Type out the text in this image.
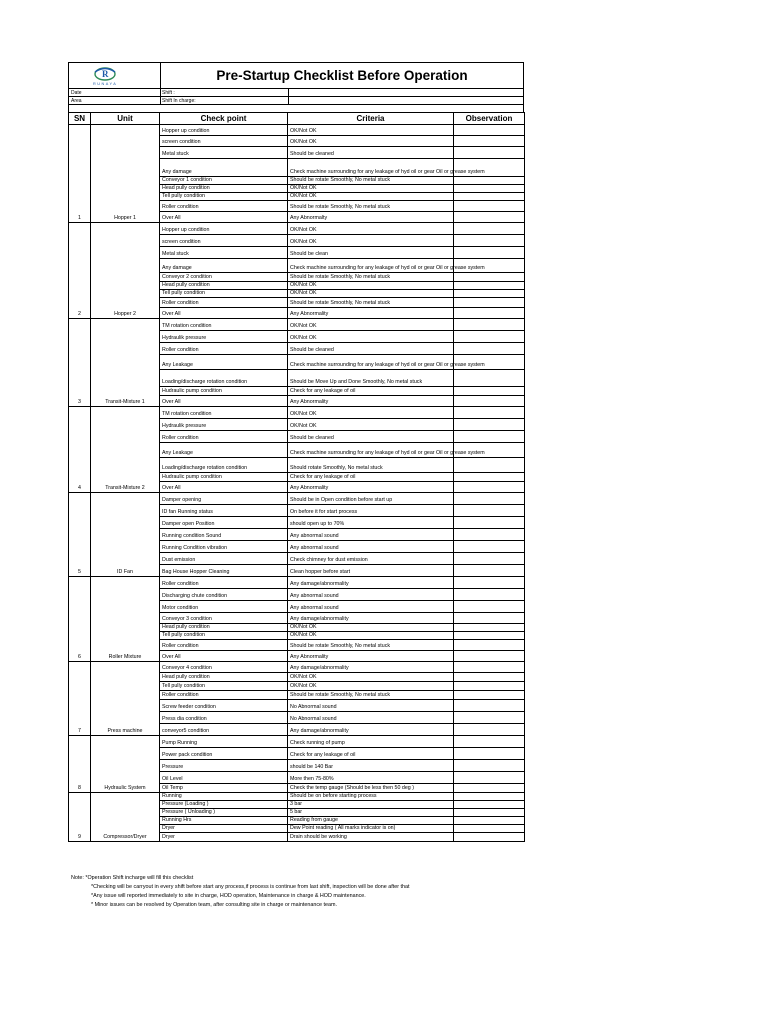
R
RUNAYA
Pre-Startup Checklist Before Operation
Date	Shift :
Area	Shift In charge:
SN	Unit	Check point	Criteria	Observation
1	Hopper 1	Hopper up condition	OK/Not OK	
		screen condition	OK/Not OK	
		Metal stuck	Should be cleaned	
		Any damage	Check machine surrounding for any leakage of hyd oil or gear Oil or grease system	
		Conveyor 1 condition	Should be rotate Smoothly, No metal stuck	
		Head pully condition	OK/Not OK	
		Tell pully condition	OK/Not OK	
		Roller condition	Should be rotate Smoothly, No metal stuck	
		Over All	Any Abnormalty	
2	Hopper 2	Hopper up condition	OK/Not OK	
		screen condition	OK/Not OK	
		Metal stuck	Should be clean	
		Any damage	Check machine surrounding for any leakage of hyd oil or gear Oil or grease system	
		Conveyor 2 condition	Should be rotate Smoothly, No metal stuck	
		Head pully condition	OK/Not OK	
		Tell pully condition	OK/Not OK	
		Roller condition	Should be rotate Smoothly, No metal stuck	
		Over All	Any Abnormality	
3	Transit-Mixture 1	TM rotation condition	OK/Not OK	
		Hydraulik pressure	OK/Not OK	
		Roller condition	Should be cleaned	
		Any Leakage	Check machine surrounding for any leakage of hyd oil or gear Oil or grease system	
		Loading/discharge rotation condition	Should be Move Up and Done Smoothly, No metal stuck	
		Hudraulic pump condition	Check for any leakage of oil	
		Over All	Any Abnormality	
4	Transit-Mixture 2	TM rotation condition	OK/Not OK	
		Hydraulik pressure	OK/Not OK	
		Roller condition	Should be cleaned	
		Any Leakage	Check machine surrounding for any leakage of hyd oil or gear Oil or grease system	
		Loading/discharge rotation condition	Should rotate Smoothly, No metal stuck	
		Hudraulic pump condition	Check for any leakage of oil	
		Over All	Any Abnormality	
5	ID Fan	Damper opening	Should be in Open condition before start up	
		ID fan Running status	On before it for start process	
		Damper open Position	should open up to 70%	
		Running condition Sound	Any abnormal sound	
		Running Condition vibration	Any abnormal sound	
		Dust emission	Check chimney for dust emission	
		Bag House Hopper Cleaning	Clean hopper before start	
6	Roller Mixture	Roller condition	Any damage/abnormality	
		Discharging chute condition	Any abnormal sound	
		Motor condition	Any abnormal sound	
		Conveyor 3 condition	Any damage/abnormality	
		Head pully condition	OK/Not OK	
		Tell pully condition	OK/Not OK	
		Roller condition	Should be rotate Smoothly, No metal stuck	
		Over All	Any Abnormality	
7	Press machine	Conveyor 4 condition	Any damage/abnormality	
		Head pully condition	OK/Not OK	
		Tell pully condition	OK/Not OK	
		Roller condition	Should be rotate Smoothly, No metal stuck	
		Screw feeder condition	No Abnormal sound	
		Press dia condition	No Abnormal sound	
		conveyor5 condition	Any damage/abnormality	
8	Hydraulic System	Pump Running	Check running of pump	
		Power pack condition	Check for any leakage of oil	
		Pressure	should be 140 Bar	
		Oil Level	More then 75-80%	
		Oil Temp	Check the temp gauge (Should be less then 50 deg )	
9	Compressor/Dryer	Running	Should be on before starting process	
		Pressure (Loading )	3 bar	
		Pressure ( Unloading )	5 bar	
		Running Hrs	Reading from gauge	
		Dryer	Dew Point reading ( All marks indicator is on)	
		Dryer	Drain should be working	
Note: *Operation Shift incharge will fill this checklist
*Checking will be carryout in every shift before start any process,if process is continue from last shift, inspection will be done after that
*Any issue will reported immediately to site in charge, HOD operation, Maintenance in charge & HOD maintenance.
* Minor issues can be resolved by Operation team, after consulting site in charge or maintenance team.
